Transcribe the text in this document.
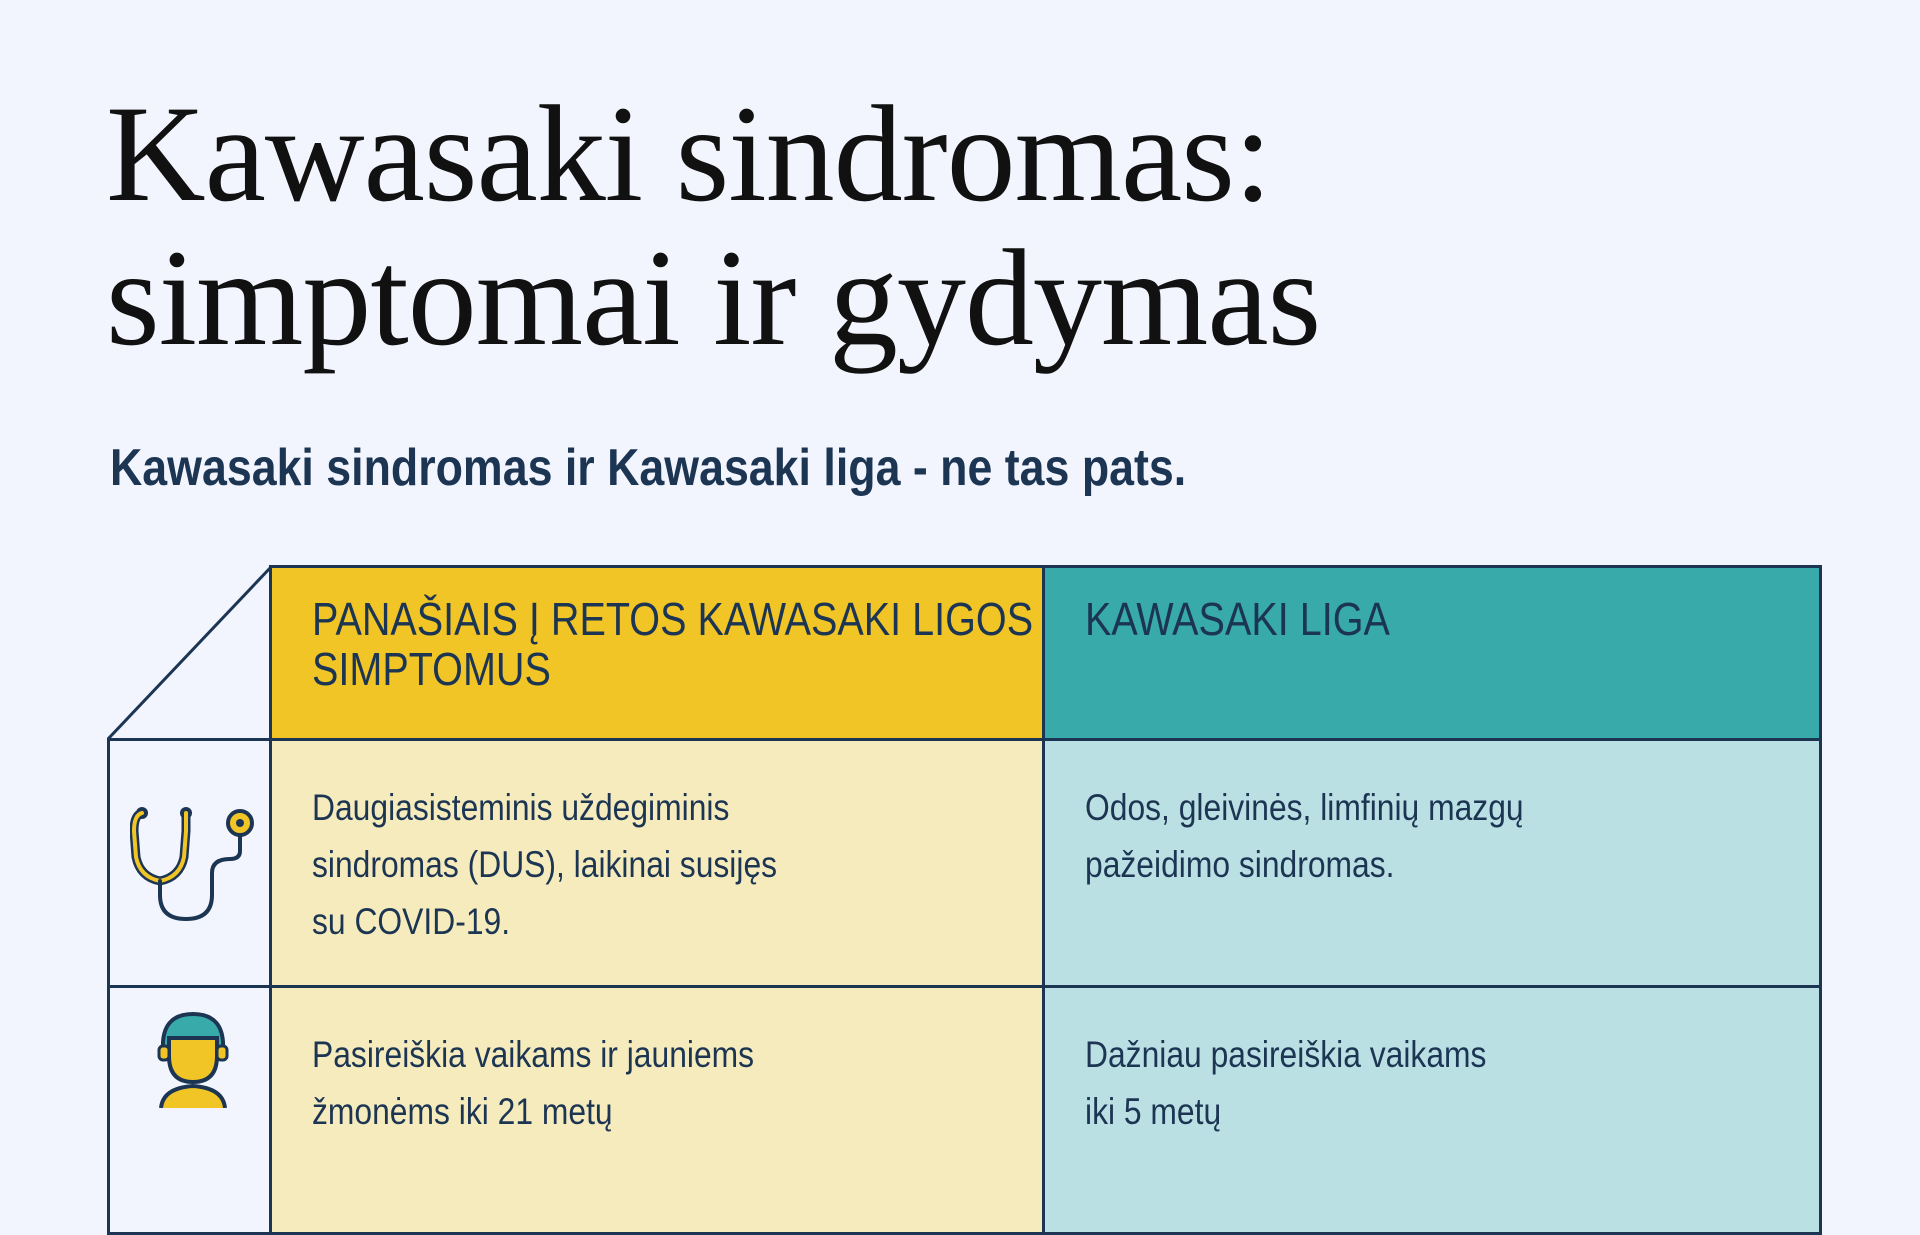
Kawasaki sindromas:
simptomai ir gydymas
Kawasaki sindromas ir Kawasaki liga - ne tas pats.
PANAŠIAIS Į RETOS KAWASAKI LIGOS SIMPTOMUS
KAWASAKI LIGA
Daugiasisteminis uždegiminis sindromas (DUS), laikinai susijęs su COVID-19.
Odos, gleivinės, limfinių mazgų pažeidimo sindromas.
Pasireiškia vaikams ir jauniems žmonėms iki 21 metų
Dažniau pasireiškia vaikams iki 5 metų
